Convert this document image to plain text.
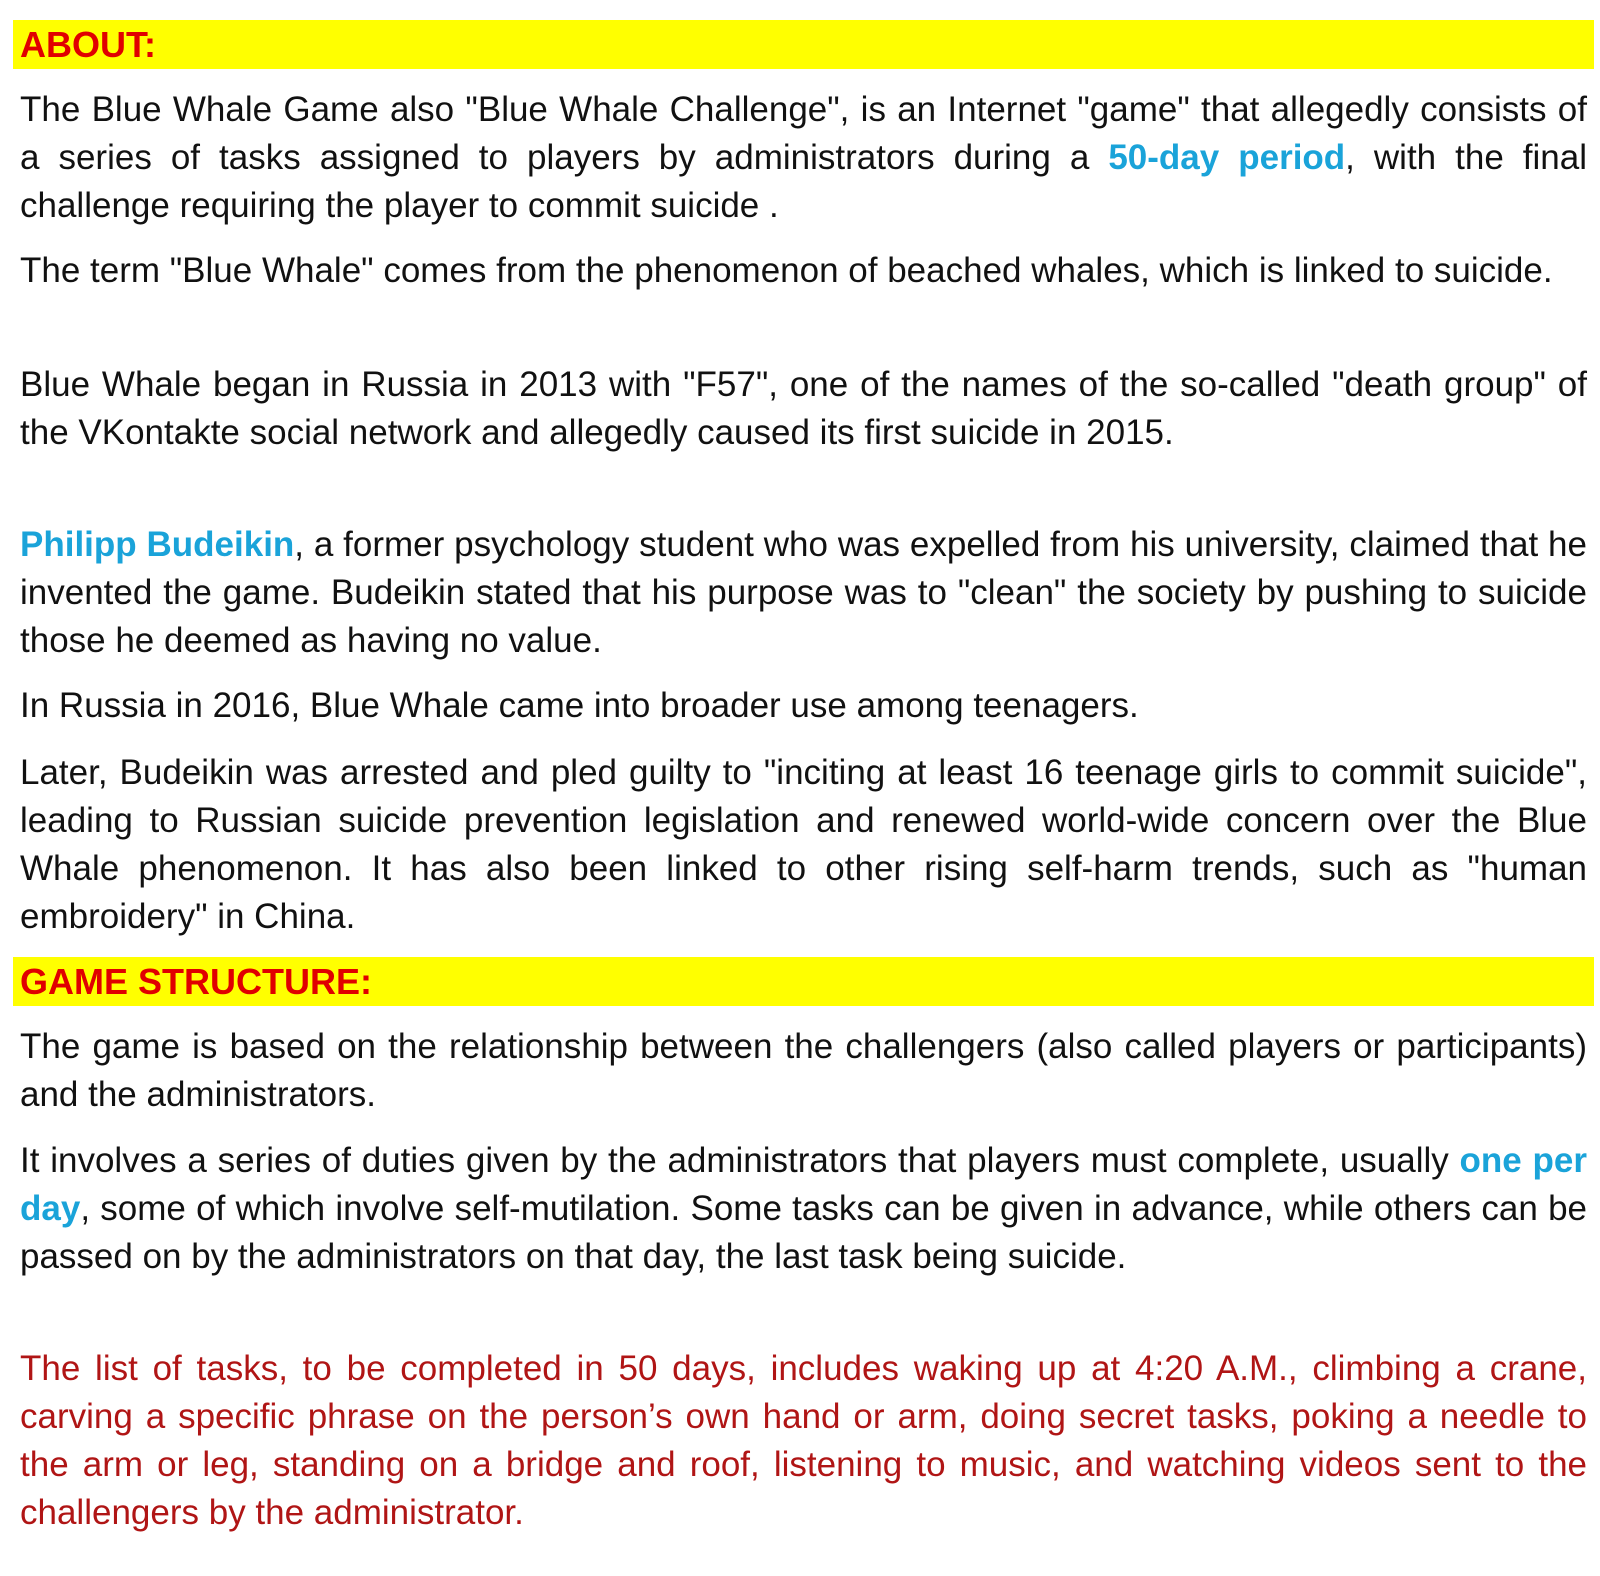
ABOUT:

The Blue Whale Game also "Blue Whale Challenge", is an Internet "game" that allegedly consists of a series of tasks assigned to players by administrators during a 50-day period, with the final challenge requiring the player to commit suicide .

The term "Blue Whale" comes from the phenomenon of beached whales, which is linked to suicide.

Blue Whale began in Russia in 2013 with "F57", one of the names of the so-called "death group" of the VKontakte social network and allegedly caused its first suicide in 2015.

Philipp Budeikin, a former psychology student who was expelled from his university, claimed that he invented the game. Budeikin stated that his purpose was to "clean" the society by pushing to suicide those he deemed as having no value.

In Russia in 2016, Blue Whale came into broader use among teenagers.

Later, Budeikin was arrested and pled guilty to "inciting at least 16 teenage girls to commit suicide", leading to Russian suicide prevention legislation and renewed world-wide concern over the Blue Whale phenomenon. It has also been linked to other rising self-harm trends, such as "human embroidery" in China.

GAME STRUCTURE:

The game is based on the relationship between the challengers (also called players or participants) and the administrators.

It involves a series of duties given by the administrators that players must complete, usually one per day, some of which involve self-mutilation. Some tasks can be given in advance, while others can be passed on by the administrators on that day, the last task being suicide.

The list of tasks, to be completed in 50 days, includes waking up at 4:20 A.M., climbing a crane, carving a specific phrase on the person’s own hand or arm, doing secret tasks, poking a needle to the arm or leg, standing on a bridge and roof, listening to music, and watching videos sent to the challengers by the administrator.
